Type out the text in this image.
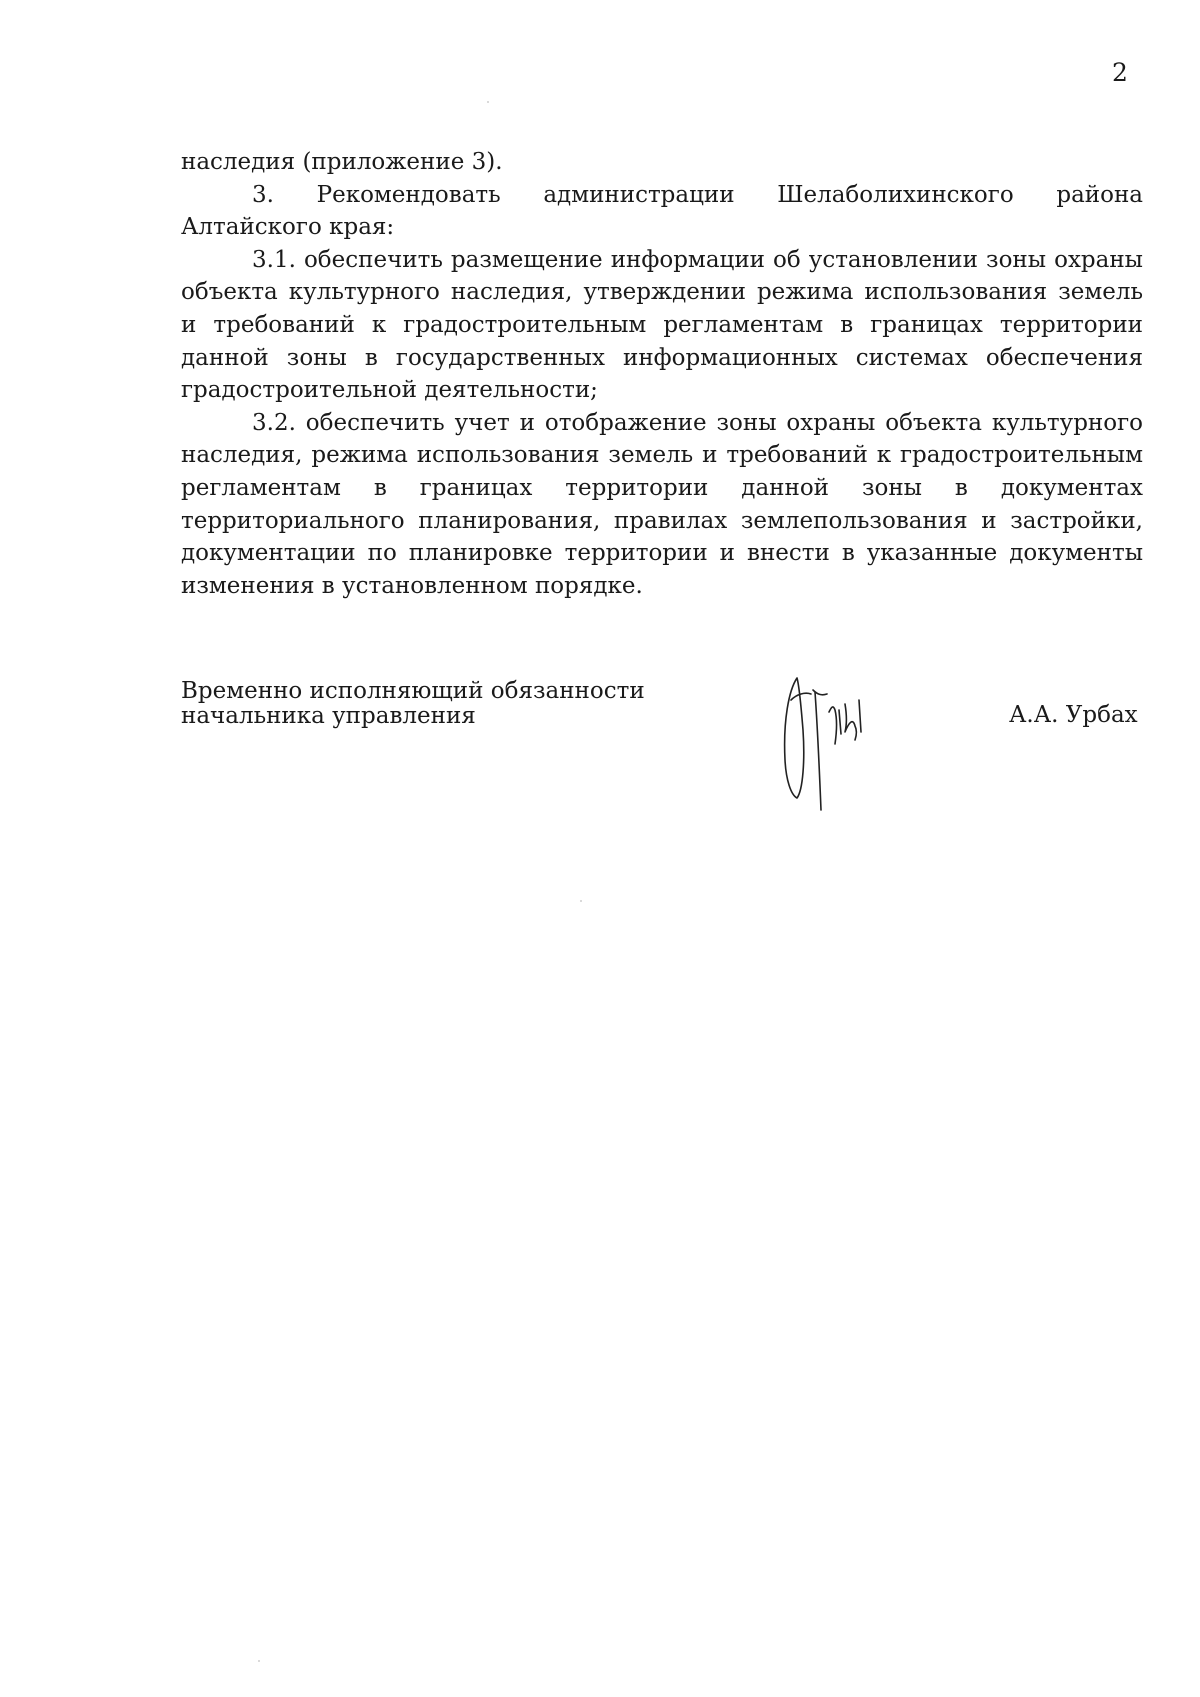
2

наследия (приложение 3).

3. Рекомендовать администрации Шелаболихинского района Алтайского края:

3.1. обеспечить размещение информации об установлении зоны охраны объекта культурного наследия, утверждении режима использования земель и требований к градостроительным регламентам в границах территории данной зоны в государственных информационных системах обеспечения градостроительной деятельности;

3.2. обеспечить учет и отображение зоны охраны объекта культурного наследия, режима использования земель и требований к градостроительным регламентам в границах территории данной зоны в документах территориального планирования, правилах землепользования и застройки, документации по планировке территории и внести в указанные документы изменения в установленном порядке.

Временно исполняющий обязанности
начальника управления	А.А. Урбах
